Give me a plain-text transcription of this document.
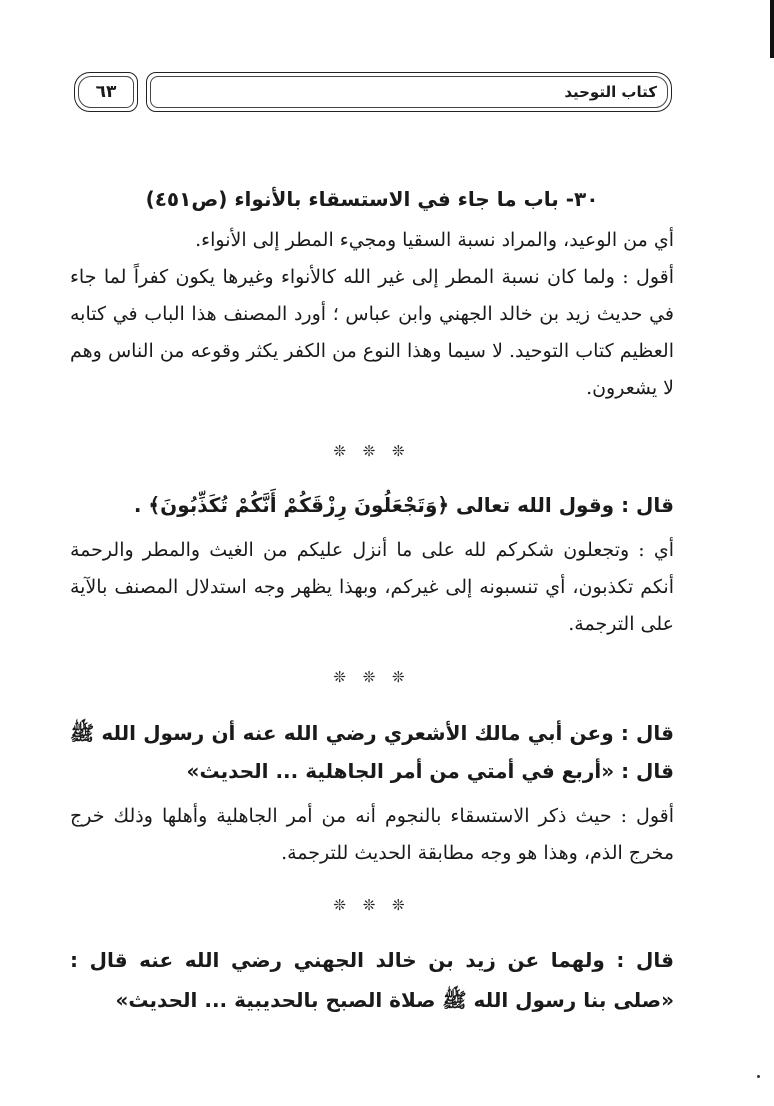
٦٣	كتاب التوحيد

٣٠- باب ما جاء في الاستسقاء بالأنواء (ص٤٥١)

أي من الوعيد، والمراد نسبة السقيا ومجيء المطر إلى الأنواء.

أقول : ولما كان نسبة المطر إلى غير الله كالأنواء وغيرها يكون كفراً لما جاء في حديث زيد بن خالد الجهني وابن عباس ؛ أورد المصنف هذا الباب في كتابه العظيم كتاب التوحيد. لا سيما وهذا النوع من الكفر يكثر وقوعه من الناس وهم لا يشعرون.

❊ ❊ ❊

قال : وقول الله تعالى ﴿وَتَجْعَلُونَ رِزْقَكُمْ أَنَّكُمْ تُكَذِّبُونَ﴾ .

أي : وتجعلون شكركم لله على ما أنزل عليكم من الغيث والمطر والرحمة أنكم تكذبون، أي تنسبونه إلى غيركم، وبهذا يظهر وجه استدلال المصنف بالآية على الترجمة.

❊ ❊ ❊

قال : وعن أبي مالك الأشعري رضي الله عنه أن رسول الله ﷺ قال : «أربع في أمتي من أمر الجاهلية ... الحديث»

أقول : حيث ذكر الاستسقاء بالنجوم أنه من أمر الجاهلية وأهلها وذلك خرج مخرج الذم، وهذا هو وجه مطابقة الحديث للترجمة.

❊ ❊ ❊

قال : ولهما عن زيد بن خالد الجهني رضي الله عنه قال : «صلى بنا رسول الله ﷺ صلاة الصبح بالحديبية ... الحديث»
